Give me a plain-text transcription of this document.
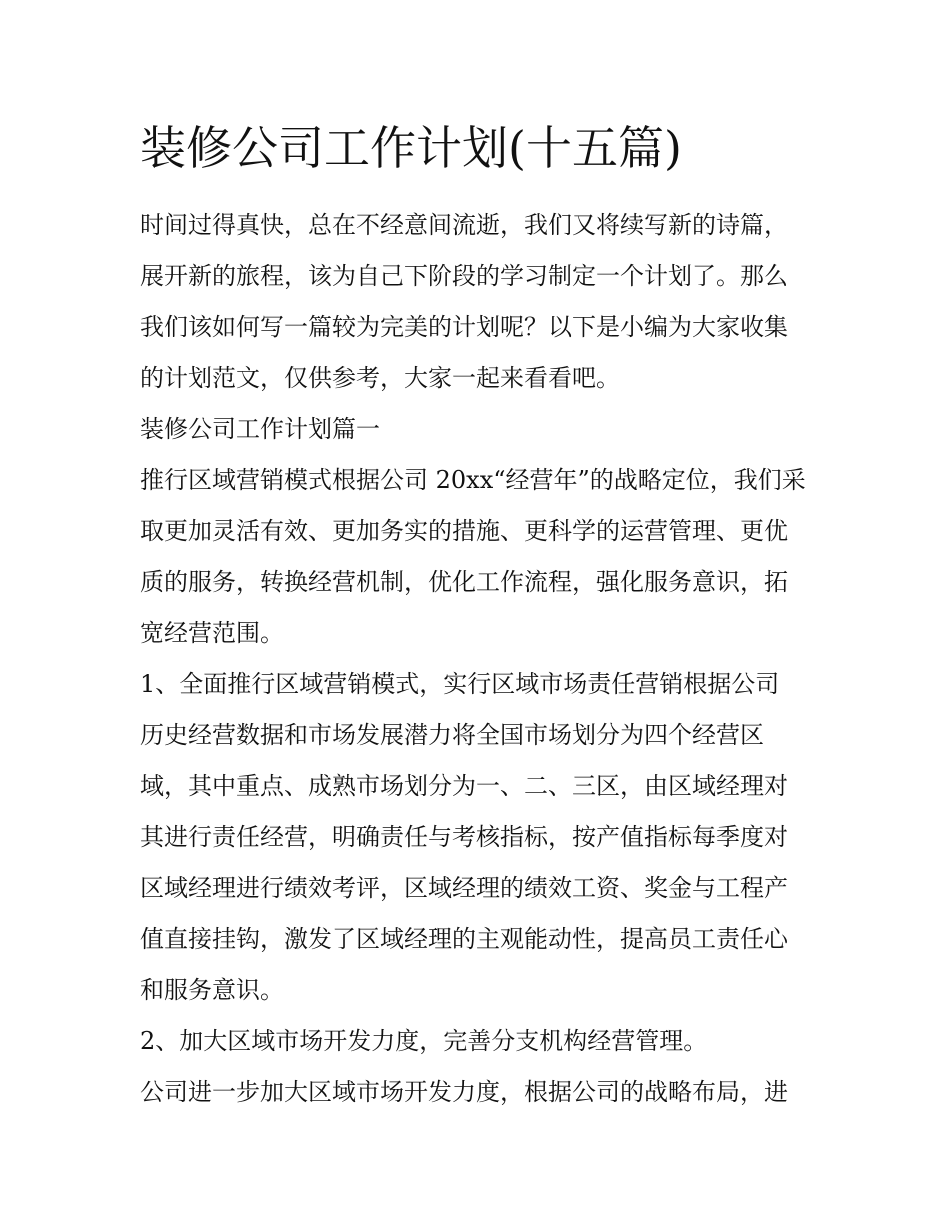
装修公司工作计划(十五篇)
时间过得真快，总在不经意间流逝，我们又将续写新的诗篇，
展开新的旅程，该为自己下阶段的学习制定一个计划了。那么
我们该如何写一篇较为完美的计划呢？以下是小编为大家收集
的计划范文，仅供参考，大家一起来看看吧。
装修公司工作计划篇一
推行区域营销模式根据公司 20xx“经营年”的战略定位，我们采
取更加灵活有效、更加务实的措施、更科学的运营管理、更优
质的服务，转换经营机制，优化工作流程，强化服务意识，拓
宽经营范围。
1、全面推行区域营销模式，实行区域市场责任营销根据公司
历史经营数据和市场发展潜力将全国市场划分为四个经营区
域，其中重点、成熟市场划分为一、二、三区，由区域经理对
其进行责任经营，明确责任与考核指标，按产值指标每季度对
区域经理进行绩效考评，区域经理的绩效工资、奖金与工程产
值直接挂钩，激发了区域经理的主观能动性，提高员工责任心
和服务意识。
2、加大区域市场开发力度，完善分支机构经营管理。
公司进一步加大区域市场开发力度，根据公司的战略布局，进
